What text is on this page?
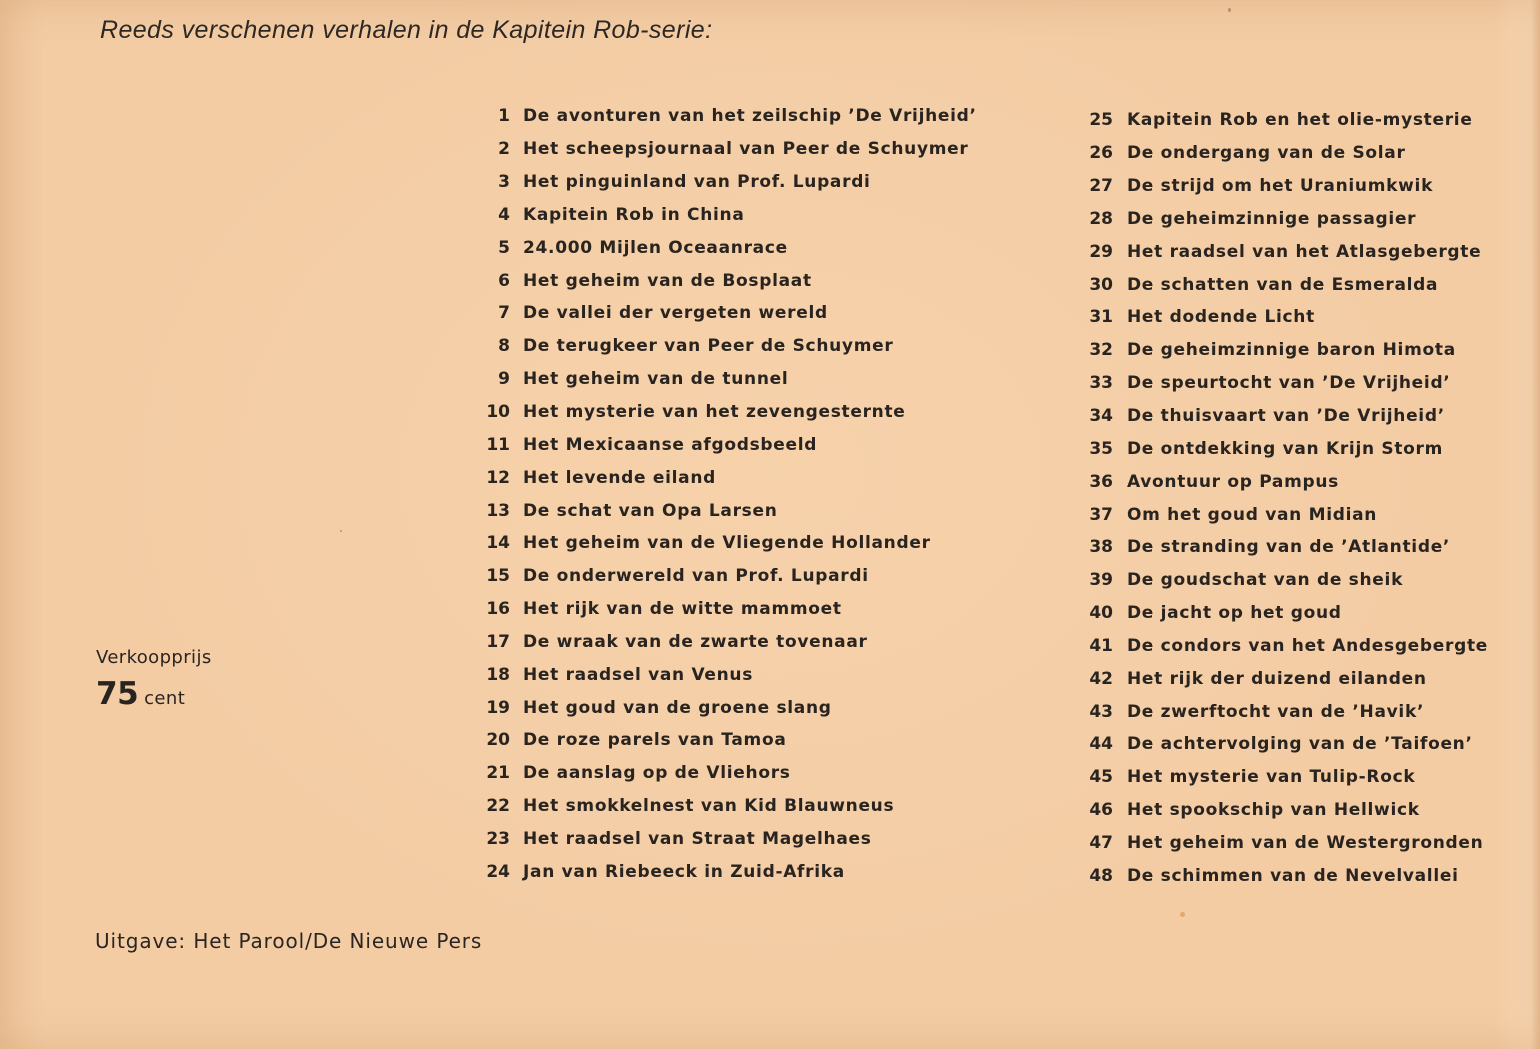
Reeds verschenen verhalen in de Kapitein Rob-serie:
1 De avonturen van het zeilschip ’De Vrijheid’
2 Het scheepsjournaal van Peer de Schuymer
3 Het pinguinland van Prof. Lupardi
4 Kapitein Rob in China
5 24.000 Mijlen Oceaanrace
6 Het geheim van de Bosplaat
7 De vallei der vergeten wereld
8 De terugkeer van Peer de Schuymer
9 Het geheim van de tunnel
10 Het mysterie van het zevengesternte
11 Het Mexicaanse afgodsbeeld
12 Het levende eiland
13 De schat van Opa Larsen
14 Het geheim van de Vliegende Hollander
15 De onderwereld van Prof. Lupardi
16 Het rijk van de witte mammoet
17 De wraak van de zwarte tovenaar
18 Het raadsel van Venus
19 Het goud van de groene slang
20 De roze parels van Tamoa
21 De aanslag op de Vliehors
22 Het smokkelnest van Kid Blauwneus
23 Het raadsel van Straat Magelhaes
24 Jan van Riebeeck in Zuid-Afrika
25 Kapitein Rob en het olie-mysterie
26 De ondergang van de Solar
27 De strijd om het Uraniumkwik
28 De geheimzinnige passagier
29 Het raadsel van het Atlasgebergte
30 De schatten van de Esmeralda
31 Het dodende Licht
32 De geheimzinnige baron Himota
33 De speurtocht van ’De Vrijheid’
34 De thuisvaart van ’De Vrijheid’
35 De ontdekking van Krijn Storm
36 Avontuur op Pampus
37 Om het goud van Midian
38 De stranding van de ’Atlantide’
39 De goudschat van de sheik
40 De jacht op het goud
41 De condors van het Andesgebergte
42 Het rijk der duizend eilanden
43 De zwerftocht van de ’Havik’
44 De achtervolging van de ’Taifoen’
45 Het mysterie van Tulip-Rock
46 Het spookschip van Hellwick
47 Het geheim van de Westergronden
48 De schimmen van de Nevelvallei
Verkoopprijs
75 cent
Uitgave: Het Parool/De Nieuwe Pers
